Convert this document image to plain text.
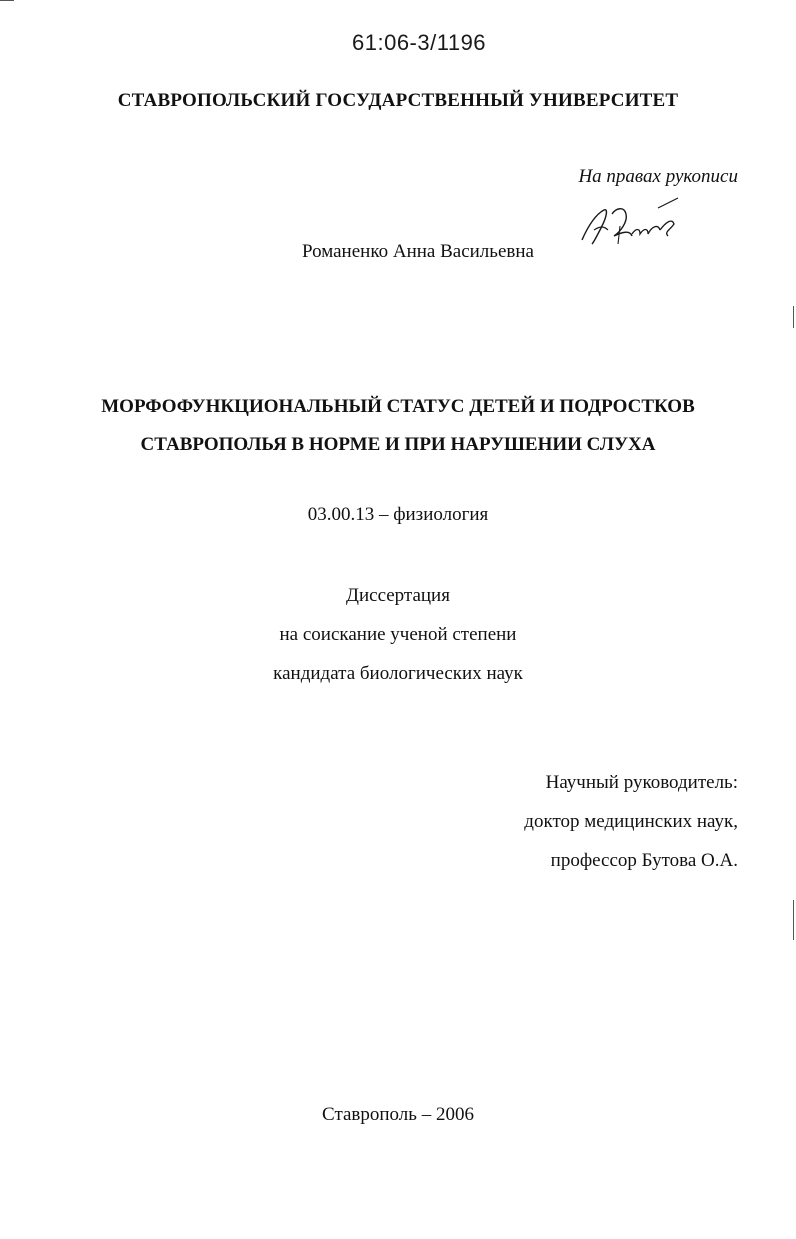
61:06-3/1196
СТАВРОПОЛЬСКИЙ ГОСУДАРСТВЕННЫЙ УНИВЕРСИТЕТ
На правах рукописи
Романенко Анна Васильевна
МОРФОФУНКЦИОНАЛЬНЫЙ СТАТУС ДЕТЕЙ И ПОДРОСТКОВ
СТАВРОПОЛЬЯ В НОРМЕ И ПРИ НАРУШЕНИИ СЛУХА
03.00.13 – физиология
Диссертация
на соискание ученой степени
кандидата биологических наук
Научный руководитель:
доктор медицинских наук,
профессор Бутова О.А.
Ставрополь – 2006
